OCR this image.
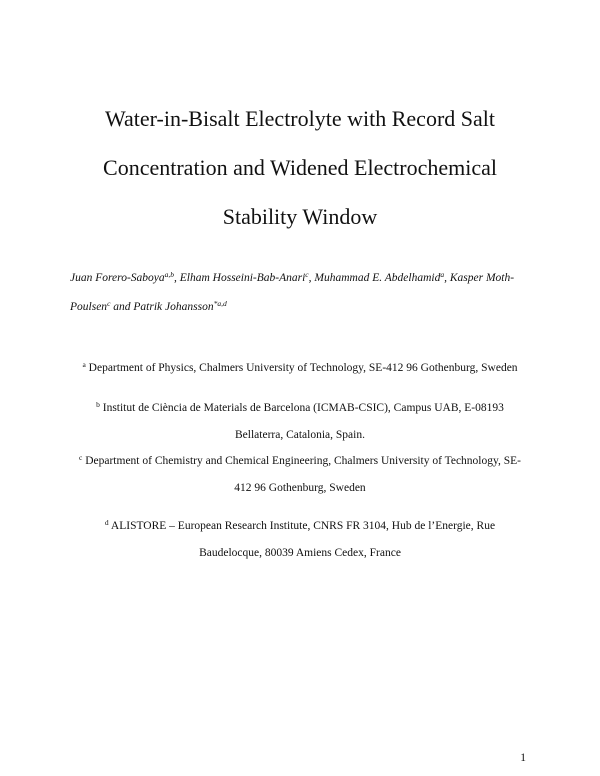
Water-in-Bisalt Electrolyte with Record Salt
Concentration and Widened Electrochemical
Stability Window
Juan Forero-Saboya$^{a,b}$, Elham Hosseini-Bab-Anari$^c$, Muhammad E. Abdelhamid$^a$, Kasper Moth-
Poulsen$^c$ and Patrik Johansson$^{*a,d}$
$^a$ Department of Physics, Chalmers University of Technology, SE-412 96 Gothenburg, Sweden
$^b$ Institut de Ciència de Materials de Barcelona (ICMAB-CSIC), Campus UAB, E-08193
Bellaterra, Catalonia, Spain.
$^c$ Department of Chemistry and Chemical Engineering, Chalmers University of Technology, SE-
412 96 Gothenburg, Sweden
$^d$ ALISTORE – European Research Institute, CNRS FR 3104, Hub de l’Energie, Rue
Baudelocque, 80039 Amiens Cedex, France
1
